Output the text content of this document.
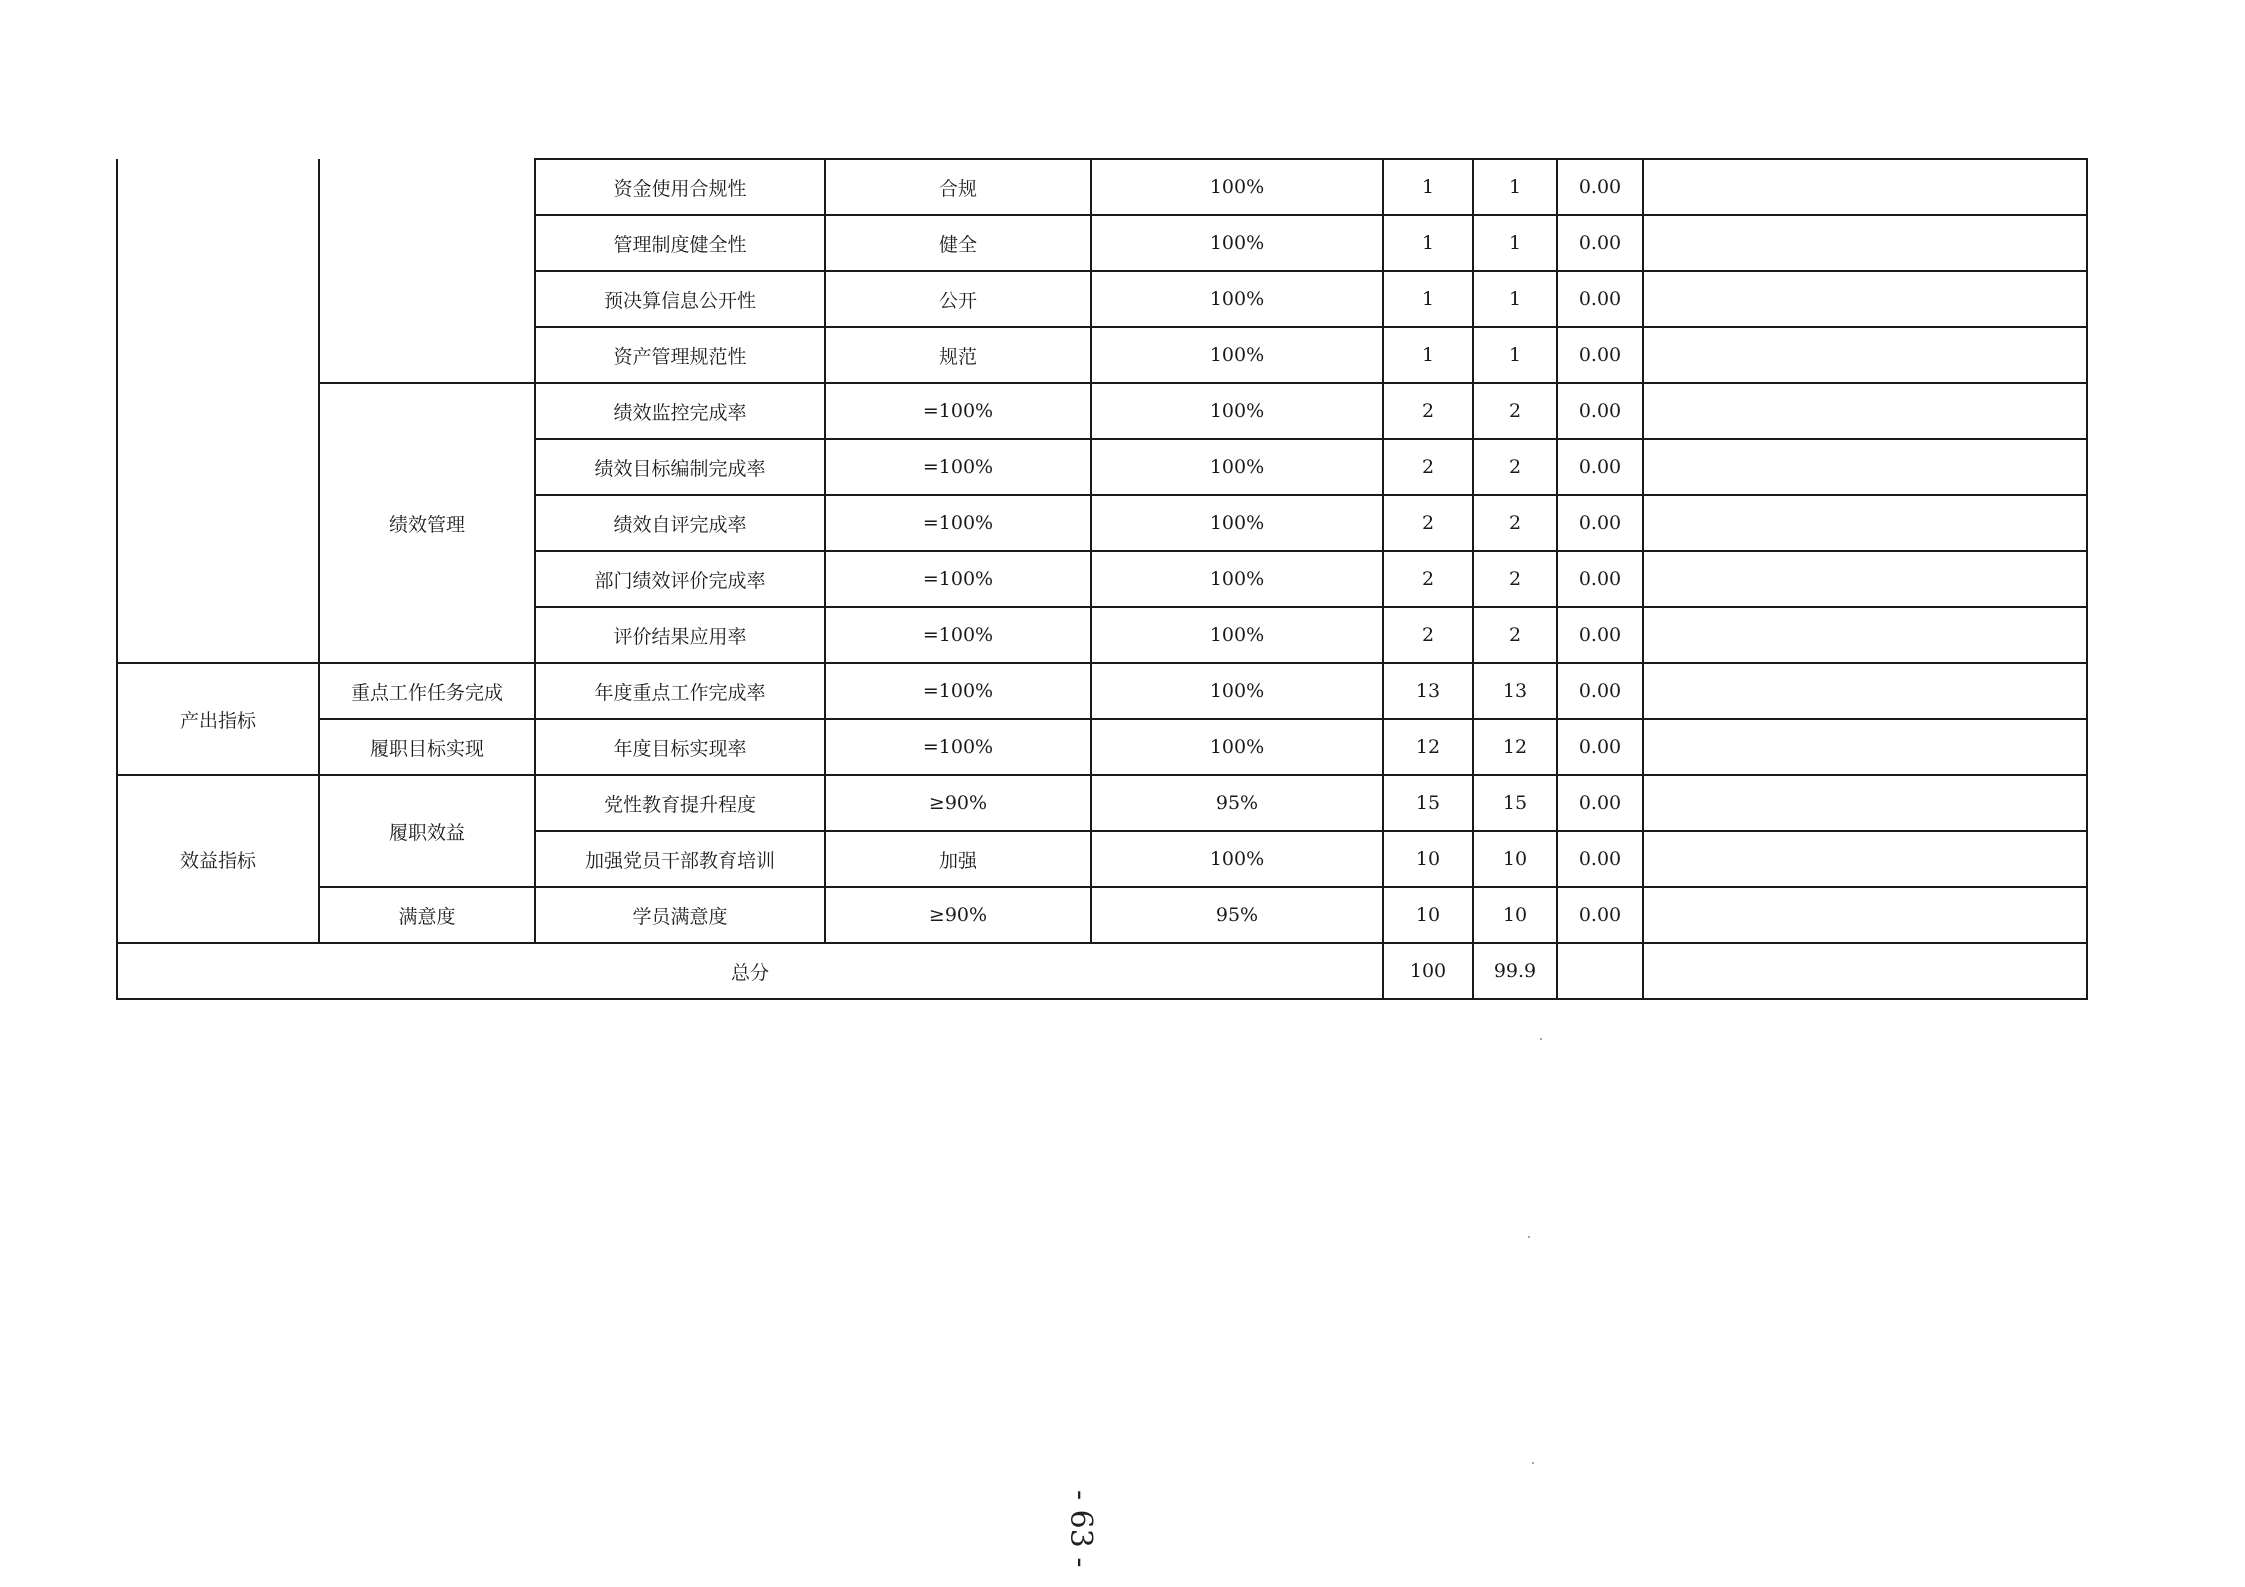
		资金使用合规性	合规	100%	1	1	0.00	
		管理制度健全性	健全	100%	1	1	0.00	
		预决算信息公开性	公开	100%	1	1	0.00	
		资产管理规范性	规范	100%	1	1	0.00	
	绩效管理	绩效监控完成率	=100%	100%	2	2	0.00	
		绩效目标编制完成率	=100%	100%	2	2	0.00	
		绩效自评完成率	=100%	100%	2	2	0.00	
		部门绩效评价完成率	=100%	100%	2	2	0.00	
		评价结果应用率	=100%	100%	2	2	0.00	
产出指标	重点工作任务完成	年度重点工作完成率	=100%	100%	13	13	0.00	
	履职目标实现	年度目标实现率	=100%	100%	12	12	0.00	
效益指标	履职效益	党性教育提升程度	≥90%	95%	15	15	0.00	
		加强党员干部教育培训	加强	100%	10	10	0.00	
	满意度	学员满意度	≥90%	95%	10	10	0.00	
总分					100	99.9		
- 63 -
